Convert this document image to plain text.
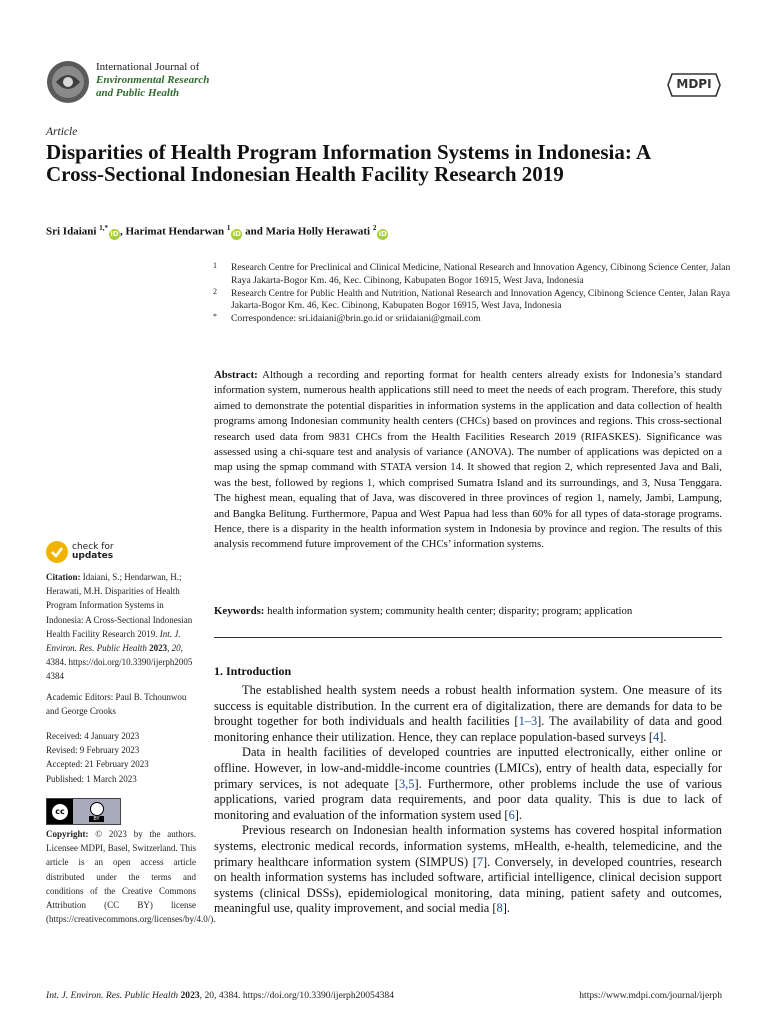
International Journal of
Environmental Research
and Public Health
MDPI
Article
Disparities of Health Program Information Systems in Indonesia: A Cross-Sectional Indonesian Health Facility Research 2019
Sri Idaiani $^{1,*}$iD, Harimat Hendarwan $^1$iD and Maria Holly Herawati $^2$iD
1 Research Centre for Preclinical and Clinical Medicine, National Research and Innovation Agency, Cibinong Science Center, Jalan Raya Jakarta-Bogor Km. 46, Kec. Cibinong, Kabupaten Bogor 16915, West Java, Indonesia
2 Research Centre for Public Health and Nutrition, National Research and Innovation Agency, Cibinong Science Center, Jalan Raya Jakarta-Bogor Km. 46, Kec. Cibinong, Kabupaten Bogor 16915, West Java, Indonesia
* Correspondence: sri.idaiani@brin.go.id or sriidaiani@gmail.com
Abstract: Although a recording and reporting format for health centers already exists for Indonesia’s standard information system, numerous health applications still need to meet the needs of each program. Therefore, this study aimed to demonstrate the potential disparities in information systems in the application and data collection of health programs among Indonesian community health centers (CHCs) based on provinces and regions. This cross-sectional research used data from 9831 CHCs from the Health Facilities Research 2019 (RIFASKES). Significance was assessed using a chi-square test and analysis of variance (ANOVA). The number of applications was depicted on a map using the spmap command with STATA version 14. It showed that region 2, which represented Java and Bali, was the best, followed by regions 1, which comprised Sumatra Island and its surroundings, and 3, Nusa Tenggara. The highest mean, equaling that of Java, was discovered in three provinces of region 1, namely, Jambi, Lampung, and Bangka Belitung. Furthermore, Papua and West Papua had less than 60% for all types of data-storage programs. Hence, there is a disparity in the health information system in Indonesia by province and region. The results of this analysis recommend future improvement of the CHCs’ information systems.
Keywords: health information system; community health center; disparity; program; application
check for
updates
Citation: Idaiani, S.; Hendarwan, H.; Herawati, M.H. Disparities of Health Program Information Systems in Indonesia: A Cross-Sectional Indonesian Health Facility Research 2019. Int. J. Environ. Res. Public Health 2023, 20, 4384. https://doi.org/10.3390/ijerph20054384
Academic Editors: Paul B. Tchounwou and George Crooks
Received: 4 January 2023
Revised: 9 February 2023
Accepted: 21 February 2023
Published: 1 March 2023
cc
BY
Copyright: © 2023 by the authors. Licensee MDPI, Basel, Switzerland. This article is an open access article distributed under the terms and conditions of the Creative Commons Attribution (CC BY) license (https://creativecommons.org/licenses/by/4.0/).
1. Introduction
The established health system needs a robust health information system. One measure of its success is equitable distribution. In the current era of digitalization, there are demands for data to be brought together for both individuals and health facilities [1–3]. The availability of data and good monitoring enhance their utilization. Hence, they can replace population-based surveys [4].
Data in health facilities of developed countries are inputted electronically, either online or offline. However, in low-and-middle-income countries (LMICs), entry of health data, especially for primary services, is not adequate [3,5]. Furthermore, other problems include the use of various applications, varied program data requirements, and poor data quality. This is due to lack of monitoring and evaluation of the information system used [6].
Previous research on Indonesian health information systems has covered hospital information systems, electronic medical records, information systems, mHealth, e-health, telemedicine, and the primary healthcare information system (SIMPUS) [7]. Conversely, in developed countries, research on health information systems has included software, artificial intelligence, clinical decision support systems (clinical DSSs), epidemiological monitoring, data mining, patient safety and outcomes, meaningful use, quality improvement, and social media [8].
Int. J. Environ. Res. Public Health 2023, 20, 4384. https://doi.org/10.3390/ijerph20054384	https://www.mdpi.com/journal/ijerph
